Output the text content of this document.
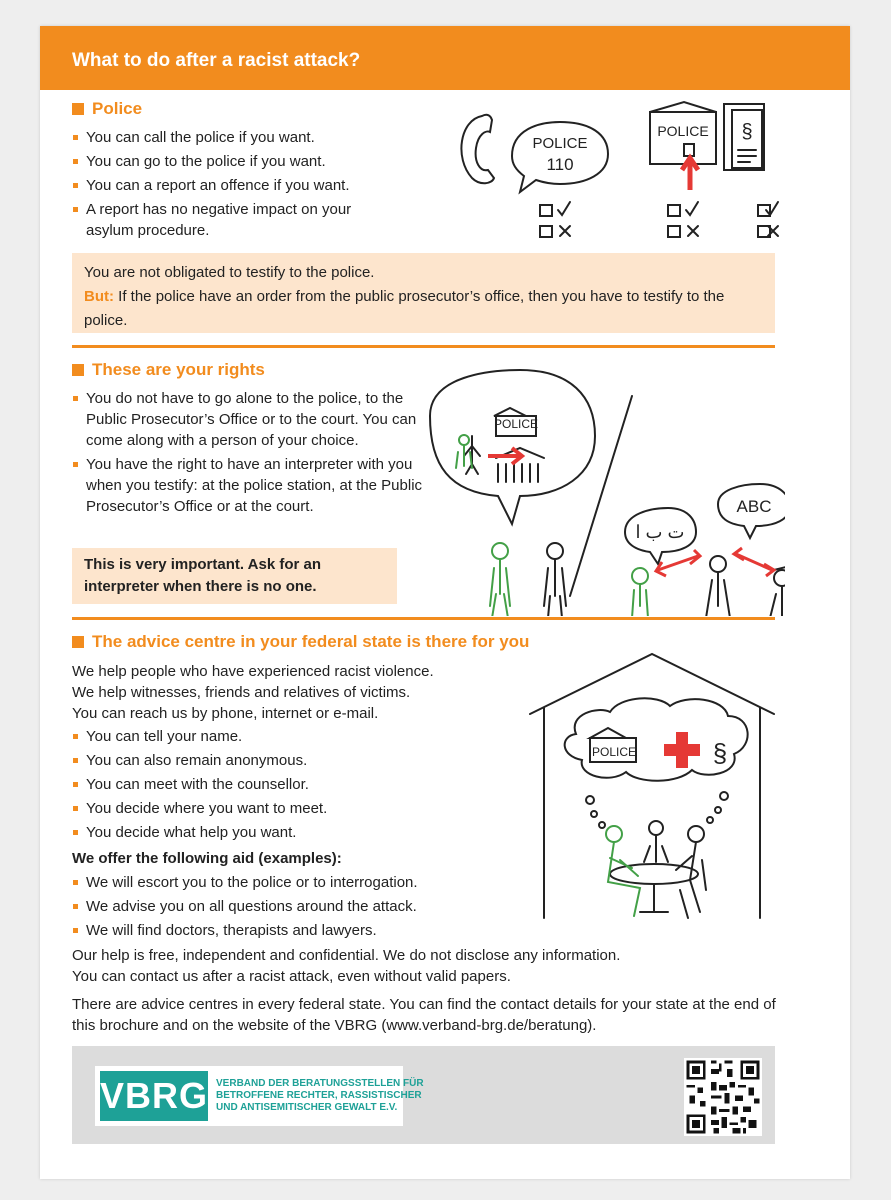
What to do after a racist attack?
Police
You can call the police if you want.
You can go to the police if you want.
You can a report an offence if you want.
A report has no negative impact on your asylum procedure.
POLICE
110
POLICE §
You are not obligated to testify to the police.
But: If the police have an order from the public prosecutor’s office, then you have to testify to the police.
These are your rights
You do not have to go alone to the police, to the Public Prosecutor’s Office or to the court. You can come along with a person of your choice.
You have the right to have an interpreter with you when you testify: at the police station, at the Public Prosecutor’s Office or at the court.
This is very important. Ask for an interpreter when there is no one.
POLICE
ت ب ا
ABC
The advice centre in your federal state is there for you
We help people who have experienced racist violence.
We help witnesses, friends and relatives of victims.
You can reach us by phone, internet or e-mail.
You can tell your name.
You can also remain anonymous.
You can meet with the counsellor.
You decide where you want to meet.
You decide what help you want.
We offer the following aid (examples):
We will escort you to the police or to interrogation.
We advise you on all questions around the attack.
We will find doctors, therapists and lawyers.
Our help is free, independent and confidential. We do not disclose any information.
You can contact us after a racist attack, even without valid papers.
There are advice centres in every federal state. You can find the contact details for your state at the end of this brochure and on the website of the VBRG (www.verband-brg.de/beratung).
POLICE	§
VBRG VERBAND DER BERATUNGSSTELLEN FÜR
BETROFFENE RECHTER, RASSISTISCHER
UND ANTISEMITISCHER GEWALT E.V.
